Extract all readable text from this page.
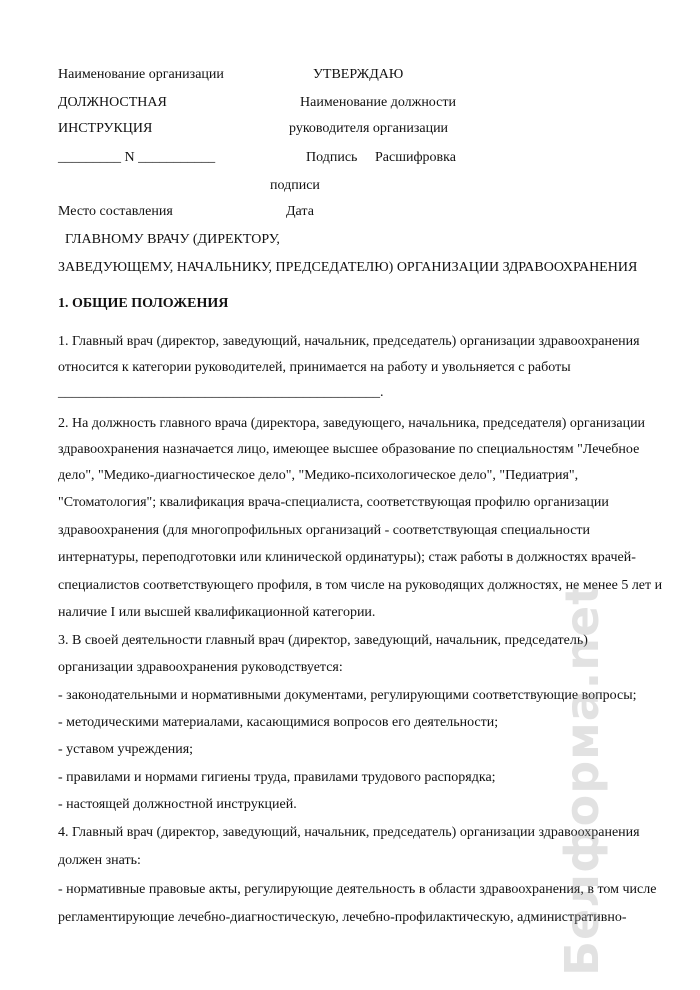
Наименование организации	УТВЕРЖДАЮ
ДОЛЖНОСТНАЯ	Наименование должности
ИНСТРУКЦИЯ	руководителя организации
_________ N ___________	Подпись Расшифровка
подписи
Место составления	Дата
ГЛАВНОМУ ВРАЧУ (ДИРЕКТОРУ,
ЗАВЕДУЮЩЕМУ, НАЧАЛЬНИКУ, ПРЕДСЕДАТЕЛЮ) ОРГАНИЗАЦИИ ЗДРАВООХРАНЕНИЯ
1. ОБЩИЕ ПОЛОЖЕНИЯ
1. Главный врач (директор, заведующий, начальник, председатель) организации здравоохранения
относится к категории руководителей, принимается на работу и увольняется с работы
______________________________________________.
2. На должность главного врача (директора, заведующего, начальника, председателя) организации
здравоохранения назначается лицо, имеющее высшее образование по специальностям "Лечебное
дело", "Медико-диагностическое дело", "Медико-психологическое дело", "Педиатрия",
"Стоматология"; квалификация врача-специалиста, соответствующая профилю организации
здравоохранения (для многопрофильных организаций - соответствующая специальности
интернатуры, переподготовки или клинической ординатуры); стаж работы в должностях врачей-
специалистов соответствующего профиля, в том числе на руководящих должностях, не менее 5 лет и
наличие I или высшей квалификационной категории.
3. В своей деятельности главный врач (директор, заведующий, начальник, председатель)
организации здравоохранения руководствуется:
- законодательными и нормативными документами, регулирующими соответствующие вопросы;
- методическими материалами, касающимися вопросов его деятельности;
- уставом учреждения;
- правилами и нормами гигиены труда, правилами трудового распорядка;
- настоящей должностной инструкцией.
4. Главный врач (директор, заведующий, начальник, председатель) организации здравоохранения
должен знать:
- нормативные правовые акты, регулирующие деятельность в области здравоохранения, в том числе
регламентирующие лечебно-диагностическую, лечебно-профилактическую, административно-
Белформа.net
